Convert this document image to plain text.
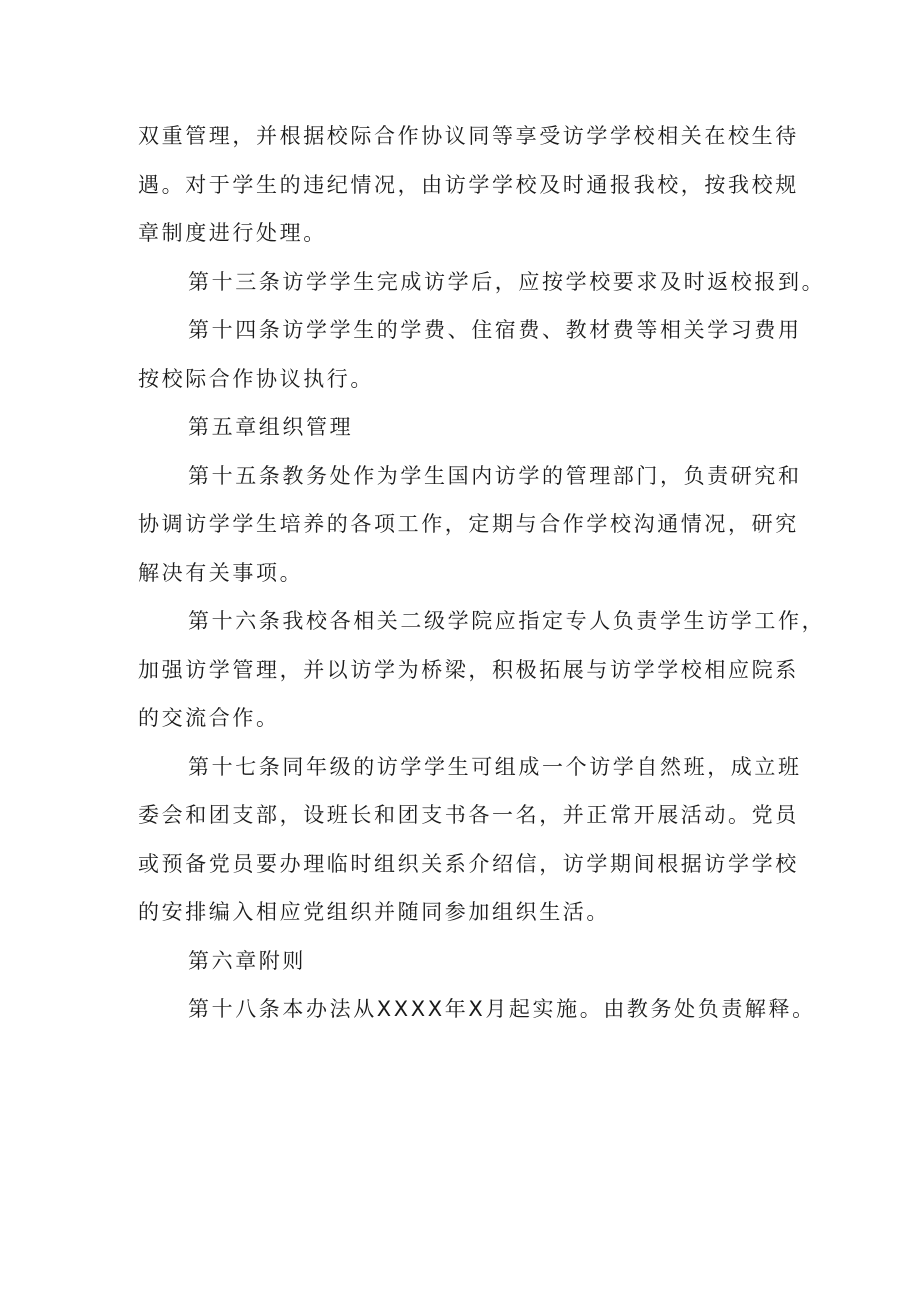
双重管理，并根据校际合作协议同等享受访学学校相关在校生待
遇。对于学生的违纪情况，由访学学校及时通报我校，按我校规
章制度进行处理。

第十三条访学学生完成访学后，应按学校要求及时返校报到。

第十四条访学学生的学费、住宿费、教材费等相关学习费用
按校际合作协议执行。

第五章组织管理

第十五条教务处作为学生国内访学的管理部门，负责研究和
协调访学学生培养的各项工作，定期与合作学校沟通情况，研究
解决有关事项。

第十六条我校各相关二级学院应指定专人负责学生访学工作，
加强访学管理，并以访学为桥梁，积极拓展与访学学校相应院系
的交流合作。

第十七条同年级的访学学生可组成一个访学自然班，成立班
委会和团支部，设班长和团支书各一名，并正常开展活动。党员
或预备党员要办理临时组织关系介绍信，访学期间根据访学学校
的安排编入相应党组织并随同参加组织生活。

第六章附则

第十八条本办法从XXXX年X月起实施。由教务处负责解释。
